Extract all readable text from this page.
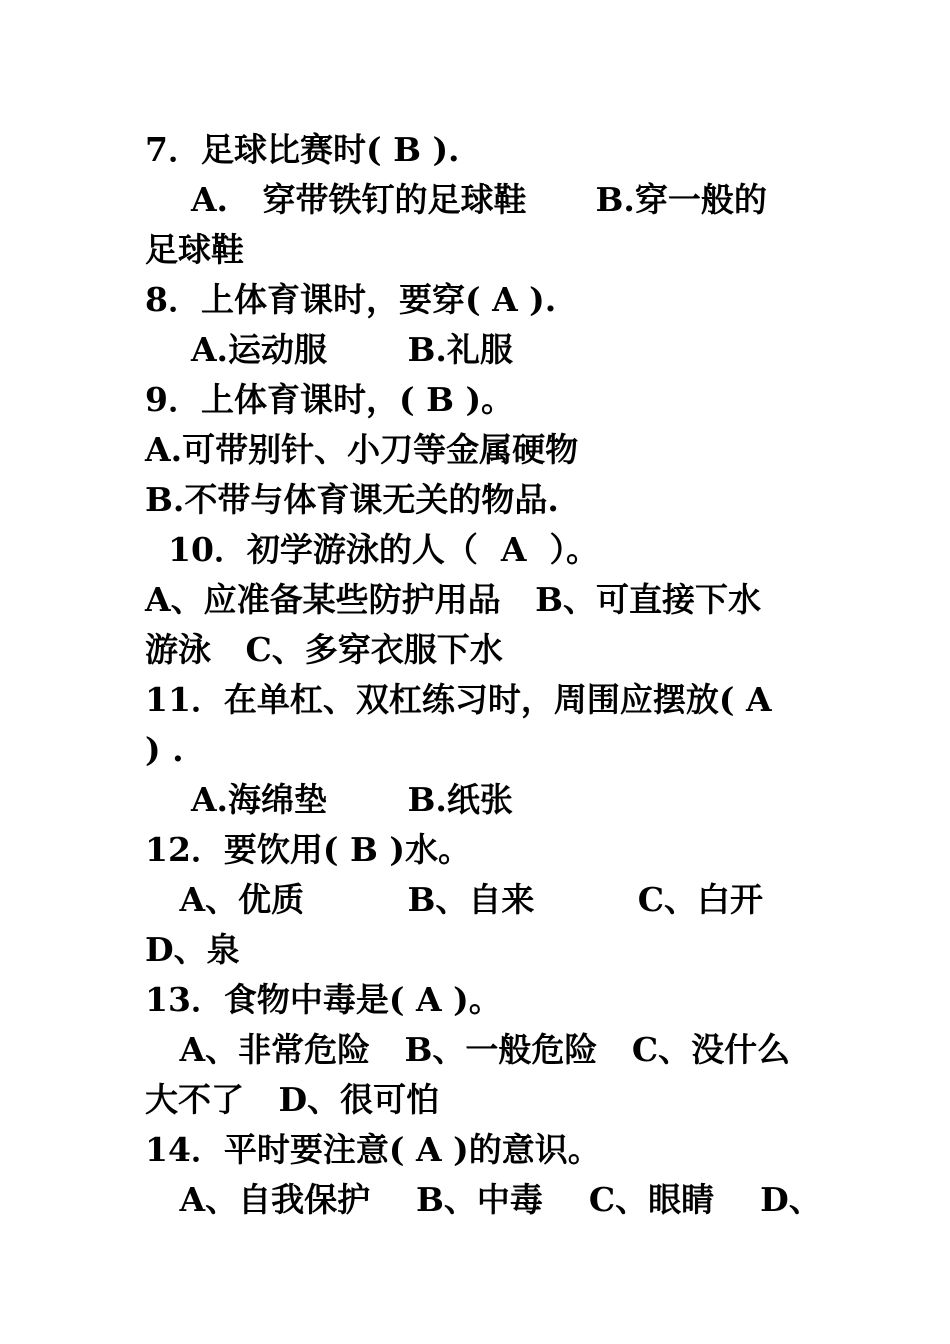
7．足球比赛时( B ).
A.   穿带铁钉的足球鞋      B.穿一般的
足球鞋
8．上体育课时，要穿( A ).
A.运动服       B.礼服
9．上体育课时，( B )。
A.可带别针、小刀等金属硬物
B.不带与体育课无关的物品.
10．初学游泳的人（  A  ）。
A、应准备某些防护用品   B、可直接下水
游泳   C、多穿衣服下水
11．在单杠、双杠练习时，周围应摆放( A
) .
A.海绵垫       B.纸张
12．要饮用( B )水。
A、优质         B、自来         C、白开
D、泉
13．食物中毒是( A )。
A、非常危险   B、一般危险   C、没什么
大不了   D、很可怕
14．平时要注意( A )的意识。
A、自我保护    B、中毒    C、眼睛    D、
